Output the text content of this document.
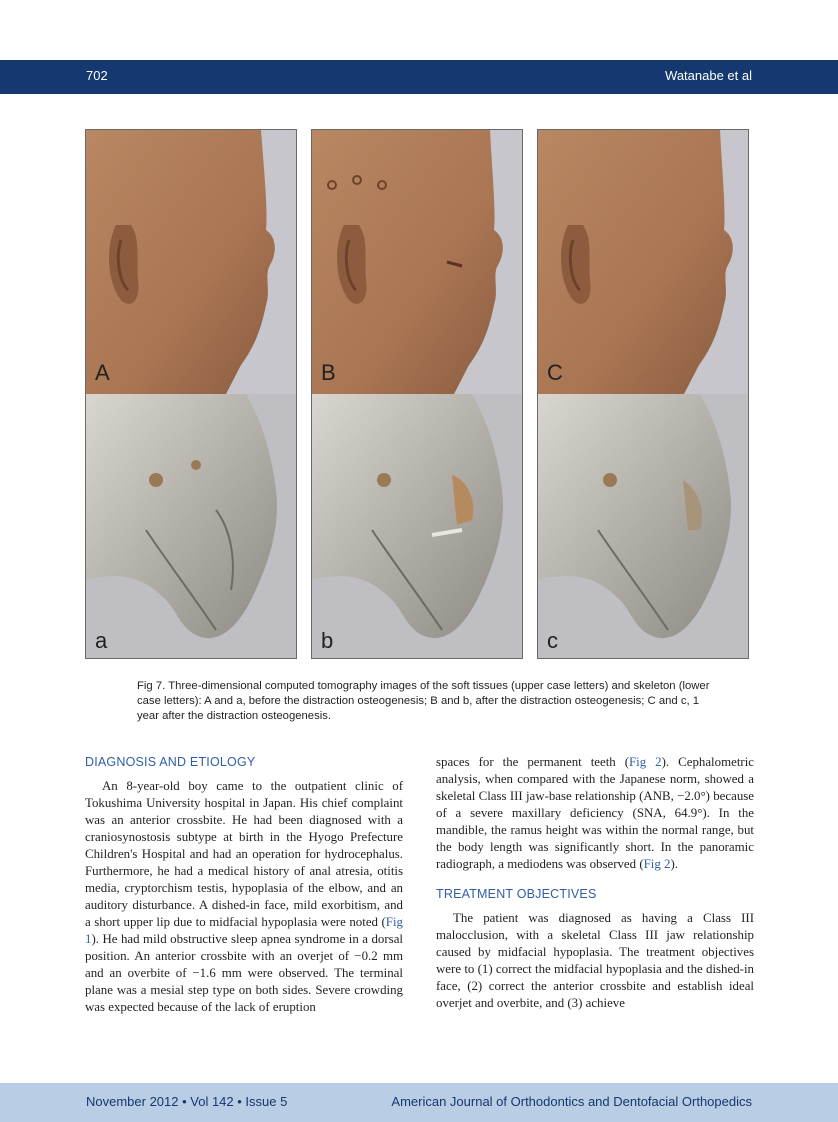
702	Watanabe et al
A
a
B
b
C
c
Fig 7. Three-dimensional computed tomography images of the soft tissues (upper case letters) and skeleton (lower case letters): A and a, before the distraction osteogenesis; B and b, after the distraction osteogenesis; C and c, 1 year after the distraction osteogenesis.
DIAGNOSIS AND ETIOLOGY

An 8-year-old boy came to the outpatient clinic of Tokushima University hospital in Japan. His chief complaint was an anterior crossbite. He had been diagnosed with a craniosynostosis subtype at birth in the Hyogo Prefecture Children's Hospital and had an operation for hydrocephalus. Furthermore, he had a medical history of anal atresia, otitis media, cryptorchism testis, hypoplasia of the elbow, and an auditory disturbance. A dished-in face, mild exorbitism, and a short upper lip due to midfacial hypoplasia were noted (Fig 1). He had mild obstructive sleep apnea syndrome in a dorsal position. An anterior crossbite with an overjet of −0.2 mm and an overbite of −1.6 mm were observed. The terminal plane was a mesial step type on both sides. Severe crowding was expected because of the lack of eruption

spaces for the permanent teeth (Fig 2). Cephalometric analysis, when compared with the Japanese norm, showed a skeletal Class III jaw-base relationship (ANB, −2.0°) because of a severe maxillary deficiency (SNA, 64.9°). In the mandible, the ramus height was within the normal range, but the body length was significantly short. In the panoramic radiograph, a mediodens was observed (Fig 2).

TREATMENT OBJECTIVES

The patient was diagnosed as having a Class III malocclusion, with a skeletal Class III jaw relationship caused by midfacial hypoplasia. The treatment objectives were to (1) correct the midfacial hypoplasia and the dished-in face, (2) correct the anterior crossbite and establish ideal overjet and overbite, and (3) achieve

November 2012 • Vol 142 • Issue 5	American Journal of Orthodontics and Dentofacial Orthopedics
